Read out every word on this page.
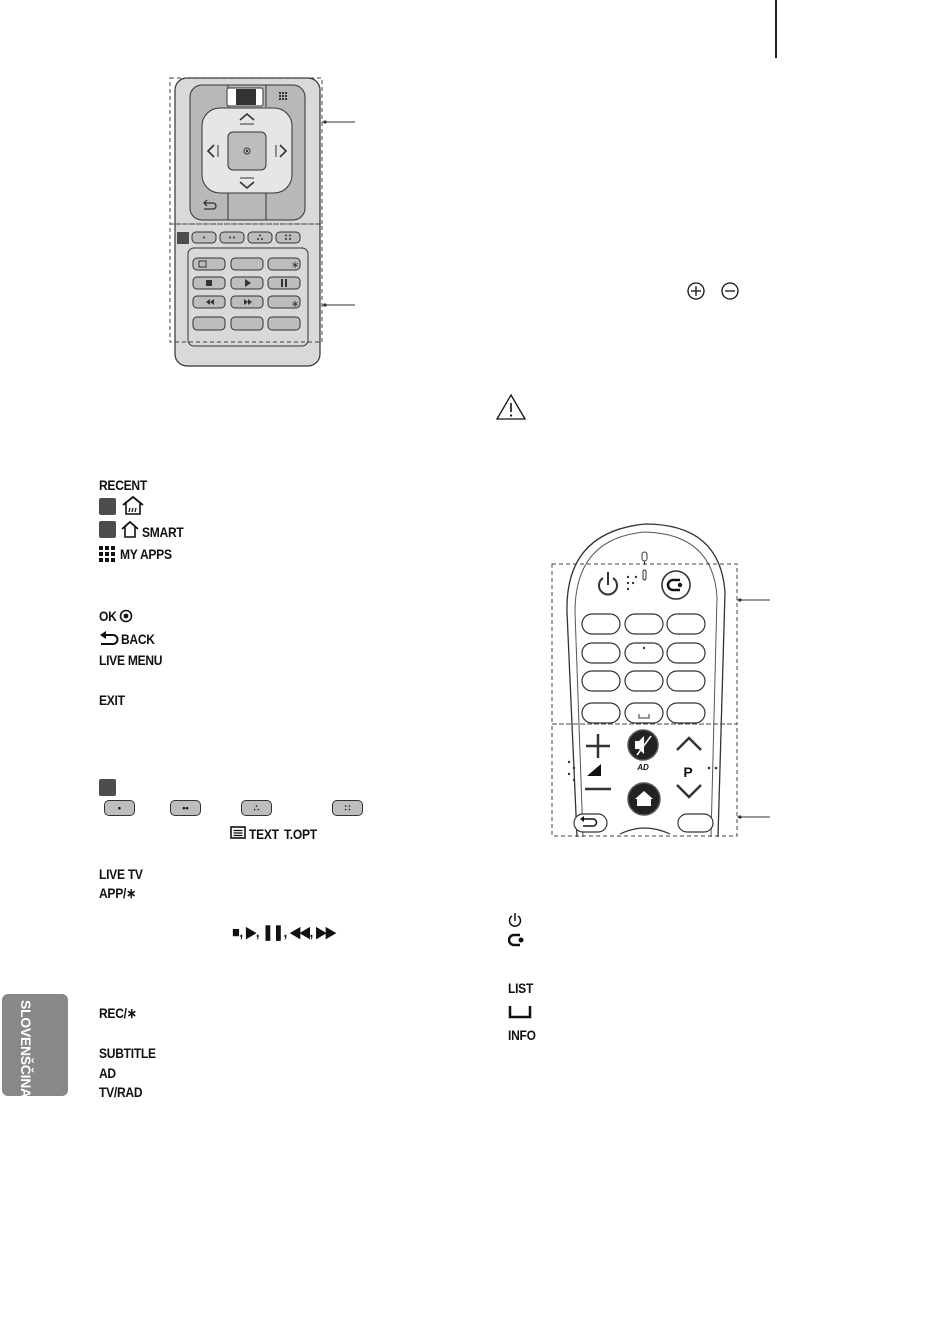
∗
∗
RECENT
SMART
MY APPS
OK
BACK
LIVE MENU
EXIT
•	••	∴	∷
TEXT T.OPT
LIVE TV
APP/∗
■, ▶, ❚❚, ◀◀, ▶▶
REC/∗
SUBTITLE
AD
TV/RAD
SLOVENŠČINA
AD P
LIST
INFO
